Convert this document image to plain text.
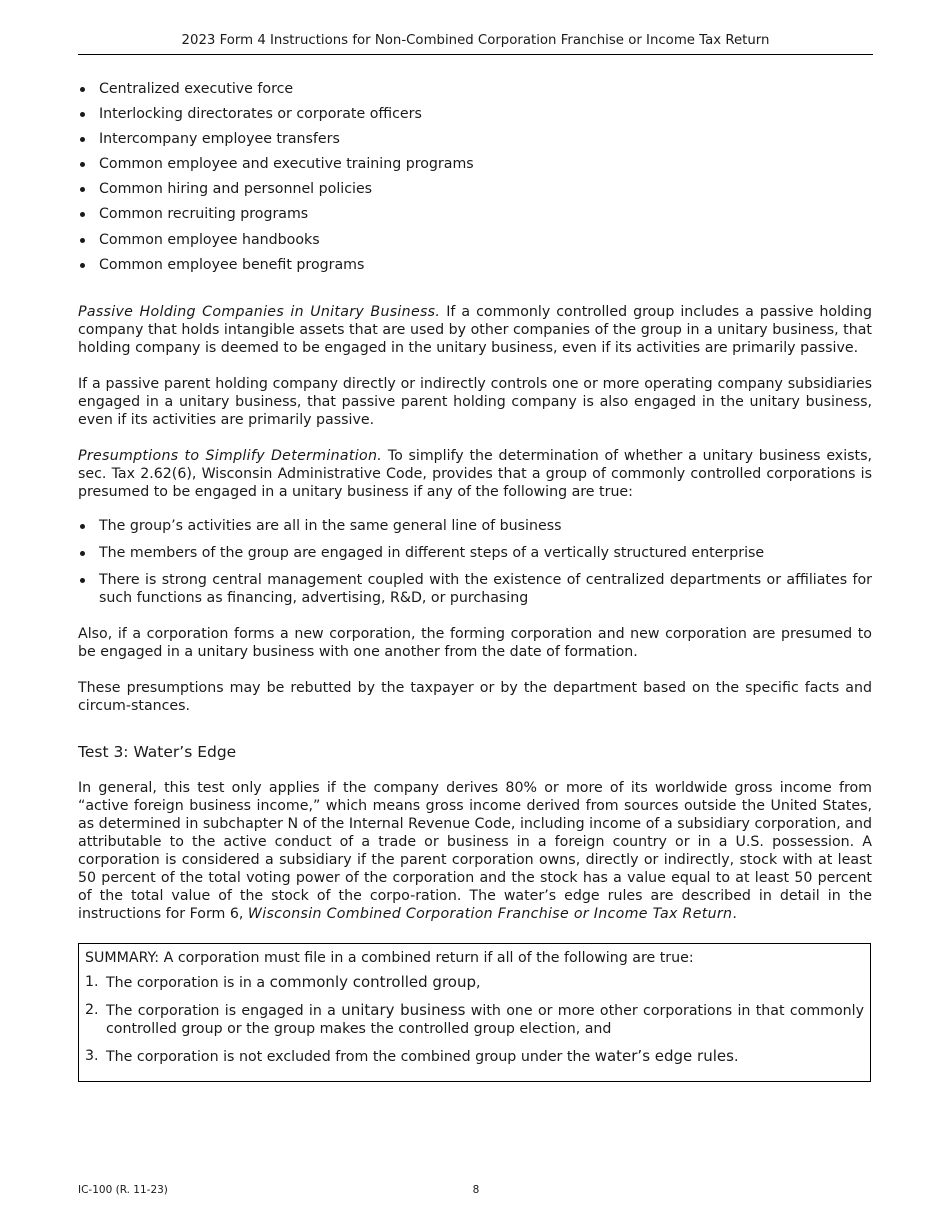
2023 Form 4 Instructions for Non-Combined Corporation Franchise or Income Tax Return
Centralized executive force
Interlocking directorates or corporate officers
Intercompany employee transfers
Common employee and executive training programs
Common hiring and personnel policies
Common recruiting programs
Common employee handbooks
Common employee benefit programs

Passive Holding Companies in Unitary Business. If a commonly controlled group includes a passive holding company that holds intangible assets that are used by other companies of the group in a unitary business, that holding company is deemed to be engaged in the unitary business, even if its activities are primarily passive.

If a passive parent holding company directly or indirectly controls one or more operating company subsidiaries engaged in a unitary business, that passive parent holding company is also engaged in the unitary business, even if its activities are primarily passive.

Presumptions to Simplify Determination. To simplify the determination of whether a unitary business exists, sec. Tax 2.62(6), Wisconsin Administrative Code, provides that a group of commonly controlled corporations is presumed to be engaged in a unitary business if any of the following are true:

The group’s activities are all in the same general line of business
The members of the group are engaged in different steps of a vertically structured enterprise
There is strong central management coupled with the existence of centralized departments or affiliates for such functions as financing, advertising, R&D, or purchasing

Also, if a corporation forms a new corporation, the forming corporation and new corporation are presumed to be engaged in a unitary business with one another from the date of formation.

These presumptions may be rebutted by the taxpayer or by the department based on the specific facts and circum-stances.

Test 3: Water’s Edge

In general, this test only applies if the company derives 80% or more of its worldwide gross income from “active foreign business income,” which means gross income derived from sources outside the United States, as determined in subchapter N of the Internal Revenue Code, including income of a subsidiary corporation, and attributable to the active conduct of a trade or business in a foreign country or in a U.S. possession. A corporation is considered a subsidiary if the parent corporation owns, directly or indirectly, stock with at least 50 percent of the total voting power of the corporation and the stock has a value equal to at least 50 percent of the total value of the stock of the corpo-ration. The water’s edge rules are described in detail in the instructions for Form 6, Wisconsin Combined Corporation Franchise or Income Tax Return.

SUMMARY: A corporation must file in a combined return if all of the following are true:

1. The corporation is in a commonly controlled group,
2. The corporation is engaged in a unitary business with one or more other corporations in that commonly controlled group or the group makes the controlled group election, and
3. The corporation is not excluded from the combined group under the water’s edge rules.
IC-100 (R. 11-23)	8
